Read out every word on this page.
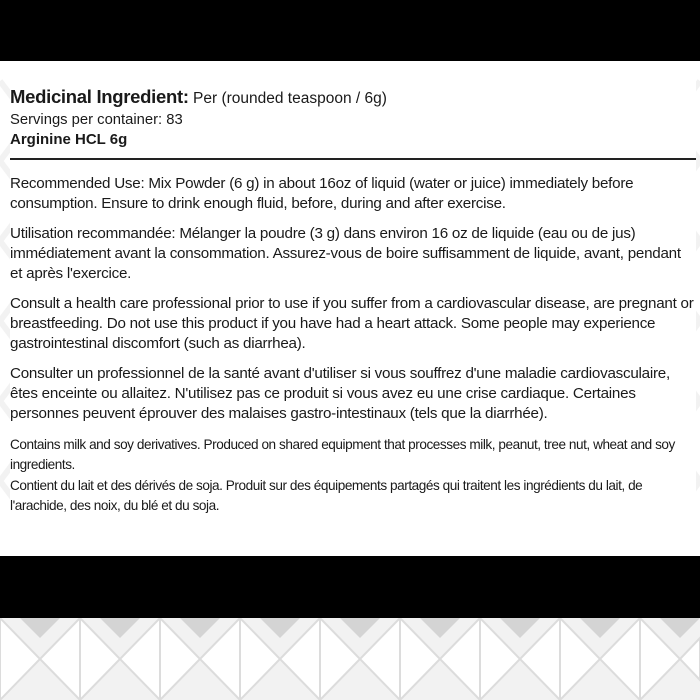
Medicinal Ingredient: Per (rounded teaspoon / 6g)
Servings per container: 83
Arginine HCL 6g
Recommended Use: Mix Powder (6 g) in about 16oz of liquid (water or juice) immediately before consumption. Ensure to drink enough fluid, before, during and after exercise.
Utilisation recommandée: Mélanger la poudre (3 g) dans environ 16 oz de liquide (eau ou de jus) immédiatement avant la consommation. Assurez-vous de boire suffisamment de liquide, avant, pendant et après l'exercice.
Consult a health care professional prior to use if you suffer from a cardiovascular disease, are pregnant or breastfeeding. Do not use this product if you have had a heart attack. Some people may experience gastrointestinal discomfort (such as diarrhea).
Consulter un professionnel de la santé avant d'utiliser si vous souffrez d'une maladie cardiovasculaire, êtes enceinte ou allaitez. N'utilisez pas ce produit si vous avez eu une crise cardiaque. Certaines personnes peuvent éprouver des malaises gastro-intestinaux (tels que la diarrhée).
Contains milk and soy derivatives. Produced on shared equipment that processes milk, peanut, tree nut, wheat and soy ingredients.
Contient du lait et des dérivés de soja. Produit sur des équipements partagés qui traitent les ingrédients du lait, de l'arachide, des noix, du blé et du soja.
